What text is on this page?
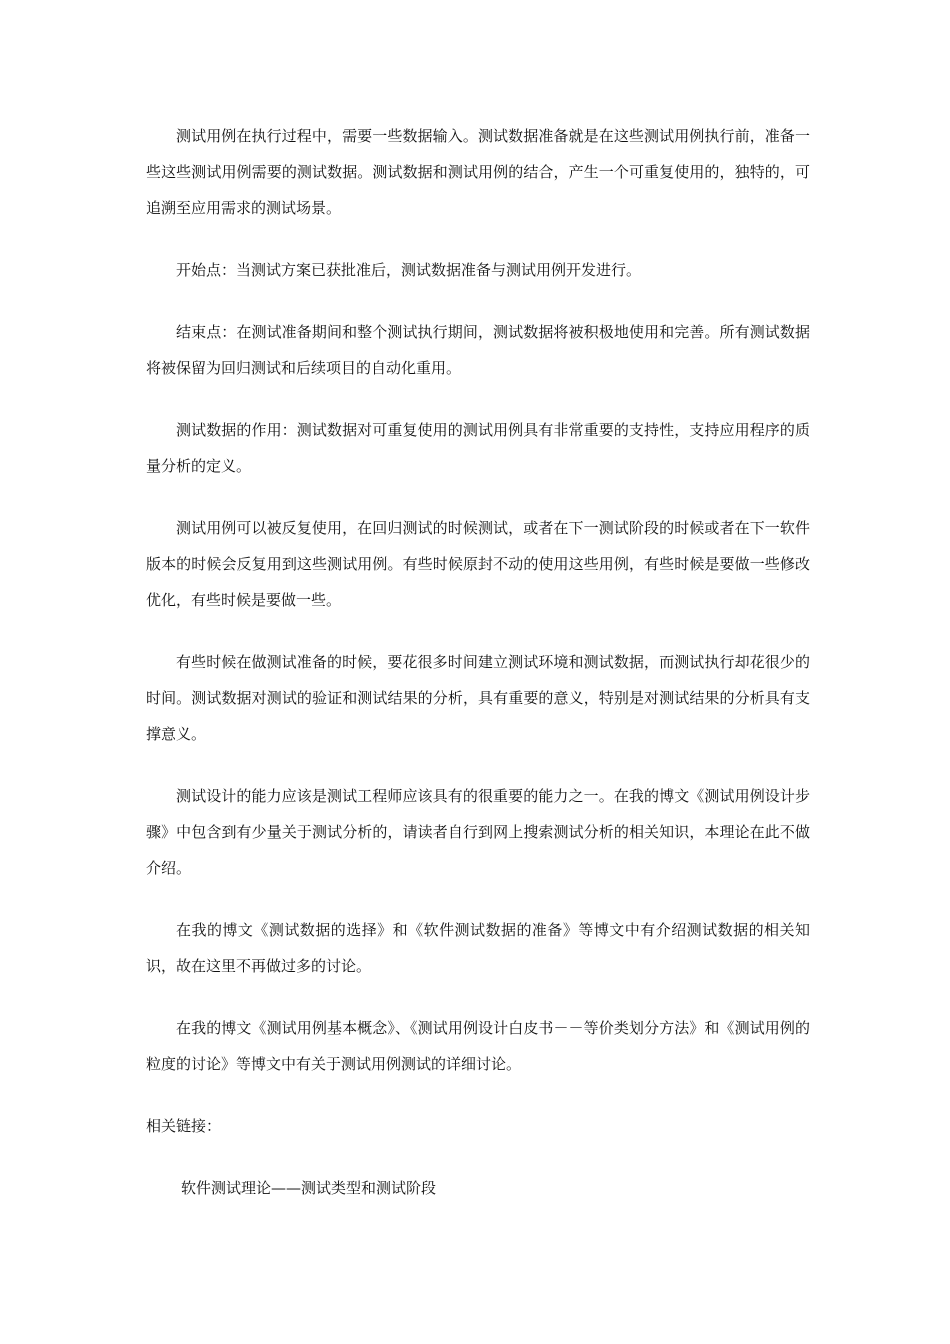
测试用例在执行过程中，需要一些数据输入。测试数据准备就是在这些测试用例执行前，准备一些这些测试用例需要的测试数据。测试数据和测试用例的结合，产生一个可重复使用的，独特的，可追溯至应用需求的测试场景。

开始点：当测试方案已获批准后，测试数据准备与测试用例开发进行。

结束点：在测试准备期间和整个测试执行期间，测试数据将被积极地使用和完善。所有测试数据将被保留为回归测试和后续项目的自动化重用。

测试数据的作用：测试数据对可重复使用的测试用例具有非常重要的支持性，支持应用程序的质量分析的定义。

测试用例可以被反复使用，在回归测试的时候测试，或者在下一测试阶段的时候或者在下一软件版本的时候会反复用到这些测试用例。有些时候原封不动的使用这些用例，有些时候是要做一些修改优化，有些时候是要做一些。

有些时候在做测试准备的时候，要花很多时间建立测试环境和测试数据，而测试执行却花很少的时间。测试数据对测试的验证和测试结果的分析，具有重要的意义，特别是对测试结果的分析具有支撑意义。

测试设计的能力应该是测试工程师应该具有的很重要的能力之一。在我的博文《测试用例设计步骤》中包含到有少量关于测试分析的，请读者自行到网上搜索测试分析的相关知识，本理论在此不做介绍。

在我的博文《测试数据的选择》和《软件测试数据的准备》等博文中有介绍测试数据的相关知识，故在这里不再做过多的讨论。

在我的博文《测试用例基本概念》、《测试用例设计白皮书－－等价类划分方法》和《测试用例的粒度的讨论》等博文中有关于测试用例测试的详细讨论。

相关链接：

软件测试理论——测试类型和测试阶段
